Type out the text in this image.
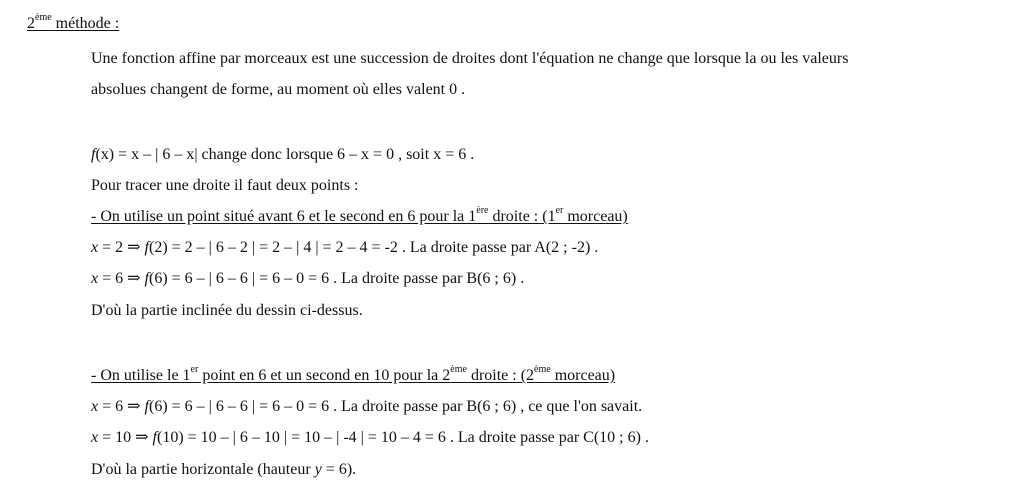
2ème méthode :
Une fonction affine par morceaux est une succession de droites dont l'équation ne change que lorsque la ou les valeurs
absolues changent de forme, au moment où elles valent 0 .
f(x) = x – | 6 – x| change donc lorsque 6 – x = 0 , soit x = 6 .
Pour tracer une droite il faut deux points :
- On utilise un point situé avant 6 et le second en 6 pour la 1ère droite : (1er morceau)
x = 2 ⇒ f(2) = 2 – | 6 – 2 | = 2 – | 4 | = 2 – 4 = -2 . La droite passe par A(2 ; -2) .
x = 6 ⇒ f(6) = 6 – | 6 – 6 | = 6 – 0 = 6 . La droite passe par B(6 ; 6) .
D'où la partie inclinée du dessin ci-dessus.
- On utilise le 1er point en 6 et un second en 10 pour la 2ème droite : (2ème morceau)
x = 6 ⇒ f(6) = 6 – | 6 – 6 | = 6 – 0 = 6 . La droite passe par B(6 ; 6) , ce que l'on savait.
x = 10 ⇒ f(10) = 10 – | 6 – 10 | = 10 – | -4 | = 10 – 4 = 6 . La droite passe par C(10 ; 6) .
D'où la partie horizontale (hauteur y = 6).
